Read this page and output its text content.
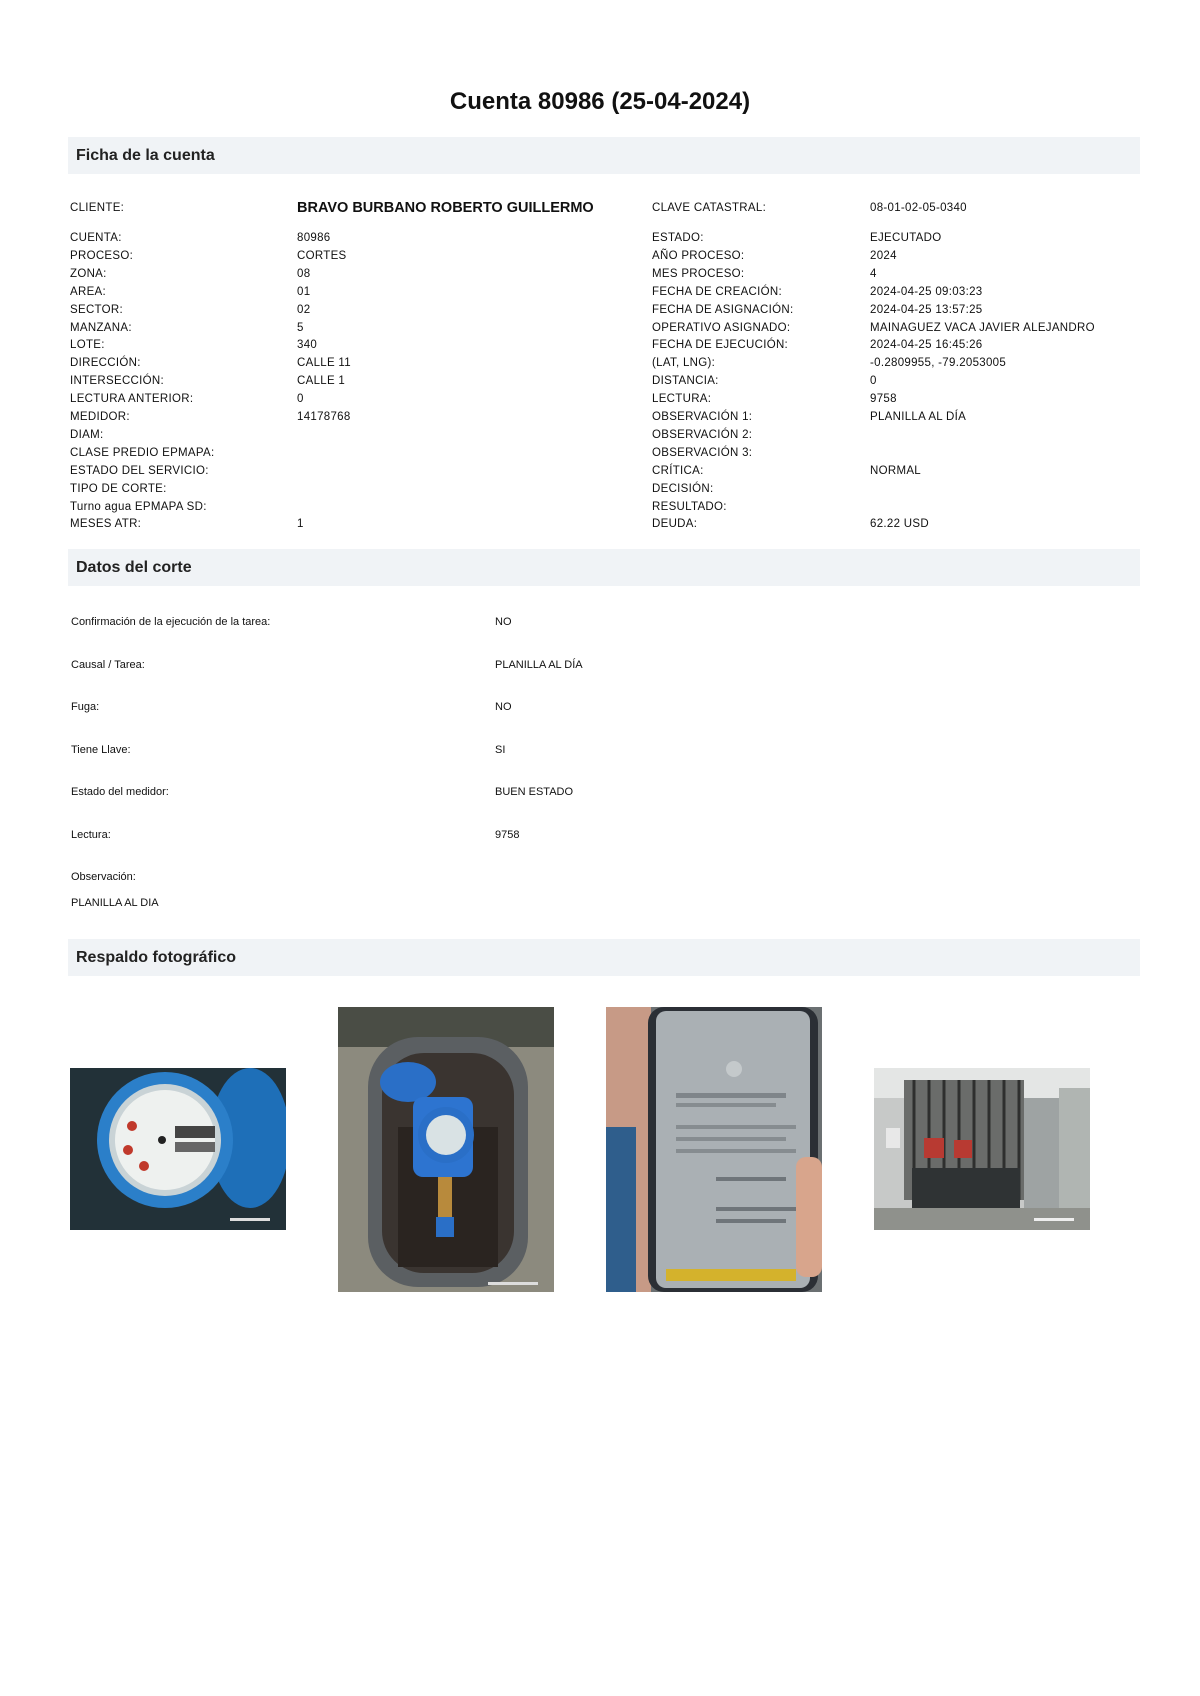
Cuenta 80986 (25-04-2024)
Ficha de la cuenta
CLIENTE:	BRAVO BURBANO ROBERTO GUILLERMO	CLAVE CATASTRAL:	08-01-02-05-0340
CUENTA:	80986
PROCESO:	CORTES
ZONA:	08
AREA:	01
SECTOR:	02
MANZANA:	5
LOTE:	340
DIRECCIÓN:	CALLE 11
INTERSECCIÓN:	CALLE 1
LECTURA ANTERIOR:	0
MEDIDOR:	14178768
DIAM:
CLASE PREDIO EPMAPA:
ESTADO DEL SERVICIO:
TIPO DE CORTE:
Turno agua EPMAPA SD:
MESES ATR:	1
ESTADO:	EJECUTADO
AÑO PROCESO:	2024
MES PROCESO:	4
FECHA DE CREACIÓN:	2024-04-25 09:03:23
FECHA DE ASIGNACIÓN:	2024-04-25 13:57:25
OPERATIVO ASIGNADO:	MAINAGUEZ VACA JAVIER ALEJANDRO
FECHA DE EJECUCIÓN:	2024-04-25 16:45:26
(LAT, LNG):	-0.2809955, -79.2053005
DISTANCIA:	0
LECTURA:	9758
OBSERVACIÓN 1:	PLANILLA AL DÍA
OBSERVACIÓN 2:
OBSERVACIÓN 3:
CRÍTICA:	NORMAL
DECISIÓN:
RESULTADO:
DEUDA:	62.22 USD
Datos del corte
Confirmación de la ejecución de la tarea:	NO
Causal / Tarea:	PLANILLA AL DÍA
Fuga:	NO
Tiene Llave:	SI
Estado del medidor:	BUEN ESTADO
Lectura:	9758
Observación:
PLANILLA AL DIA
Respaldo fotográfico
